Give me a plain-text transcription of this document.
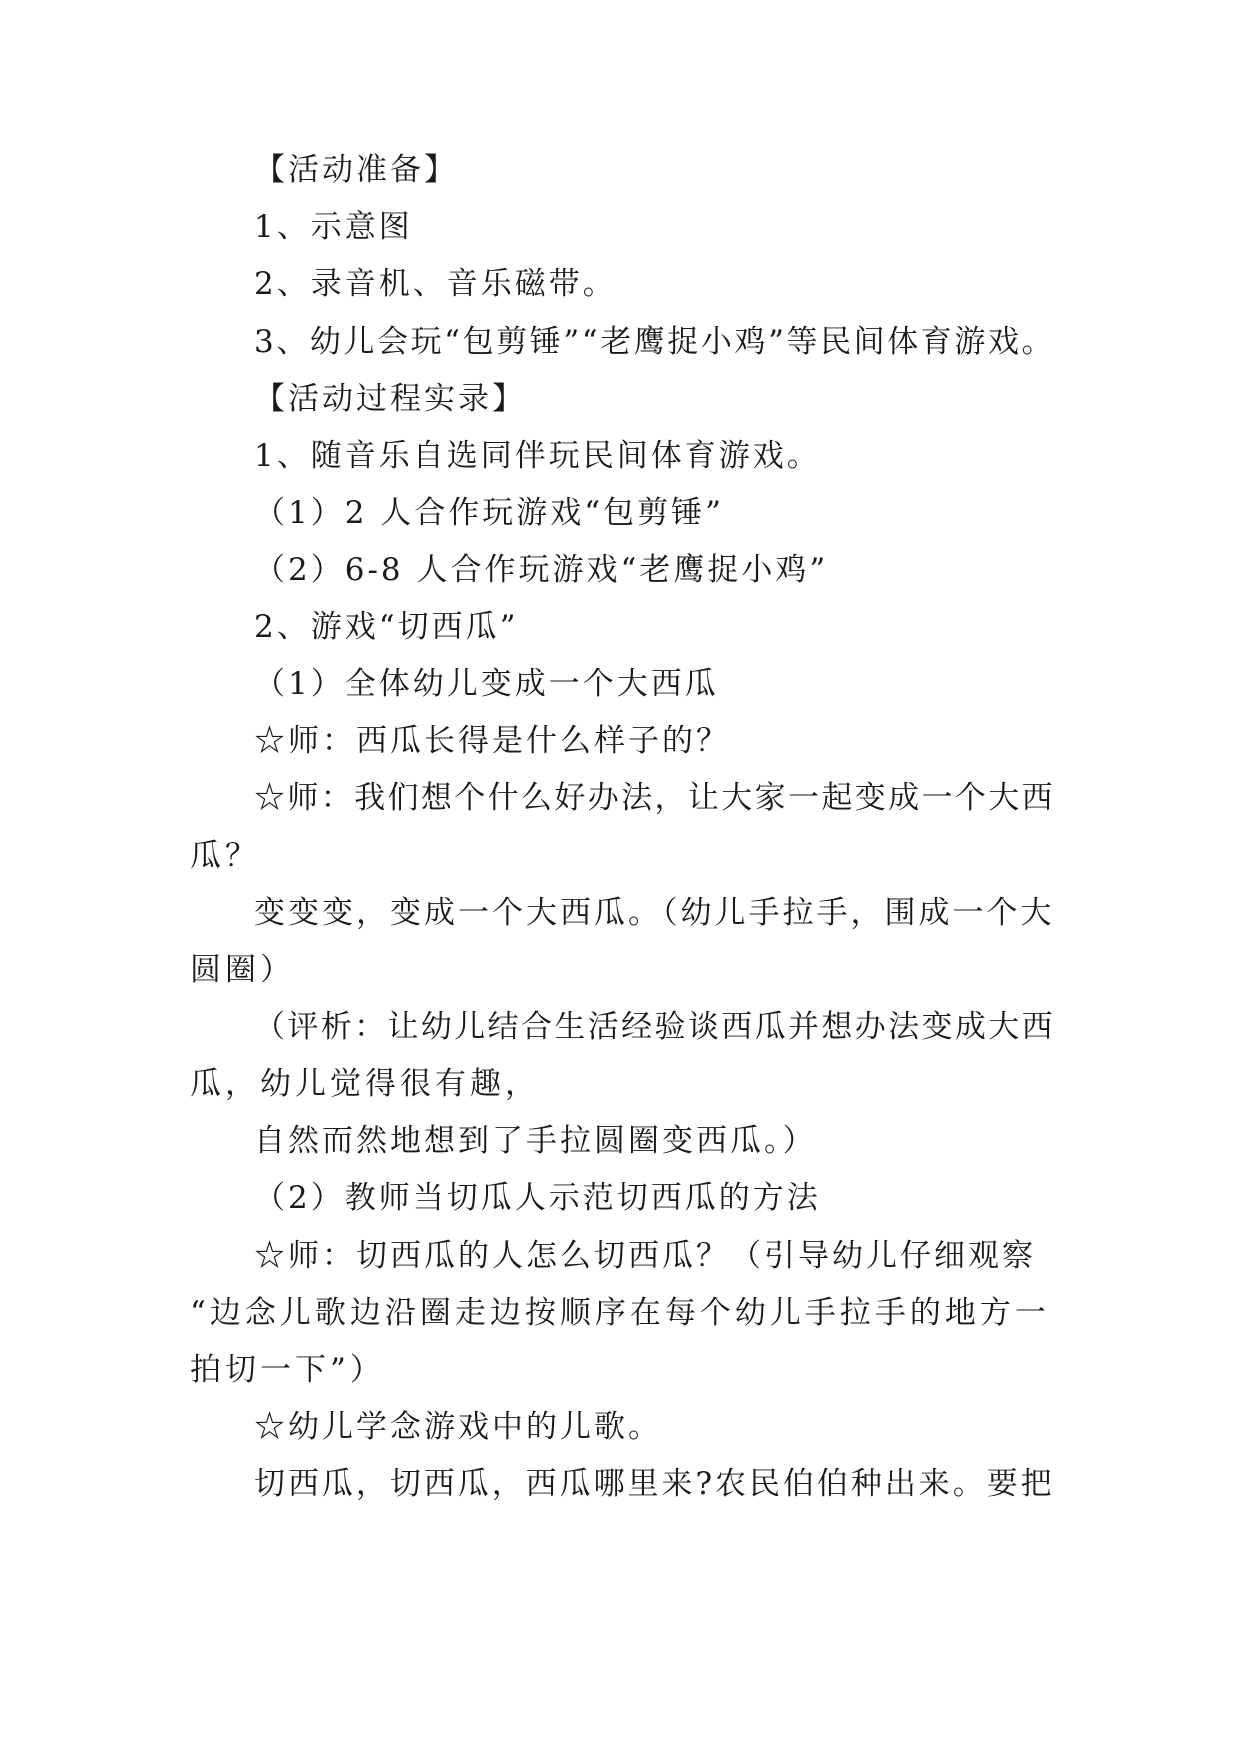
【活动准备】
1、示意图
2、录音机、音乐磁带。
3、幼儿会玩“包剪锤”“老鹰捉小鸡”等民间体育游戏。
【活动过程实录】
1、随音乐自选同伴玩民间体育游戏。
（1）2 人合作玩游戏“包剪锤”
（2）6-8 人合作玩游戏“老鹰捉小鸡”
2、游戏“切西瓜”
（1）全体幼儿变成一个大西瓜
☆师：西瓜长得是什么样子的？
☆师：我们想个什么好办法，让大家一起变成一个大西
瓜？
变变变，变成一个大西瓜。（幼儿手拉手，围成一个大
圆圈）
（评析：让幼儿结合生活经验谈西瓜并想办法变成大西
瓜，幼儿觉得很有趣，
自然而然地想到了手拉圆圈变西瓜。）
（2）教师当切瓜人示范切西瓜的方法
☆师：切西瓜的人怎么切西瓜？（引导幼儿仔细观察
“边念儿歌边沿圈走边按顺序在每个幼儿手拉手的地方一
拍切一下”）
☆幼儿学念游戏中的儿歌。
切西瓜，切西瓜，西瓜哪里来?农民伯伯种出来。要把
